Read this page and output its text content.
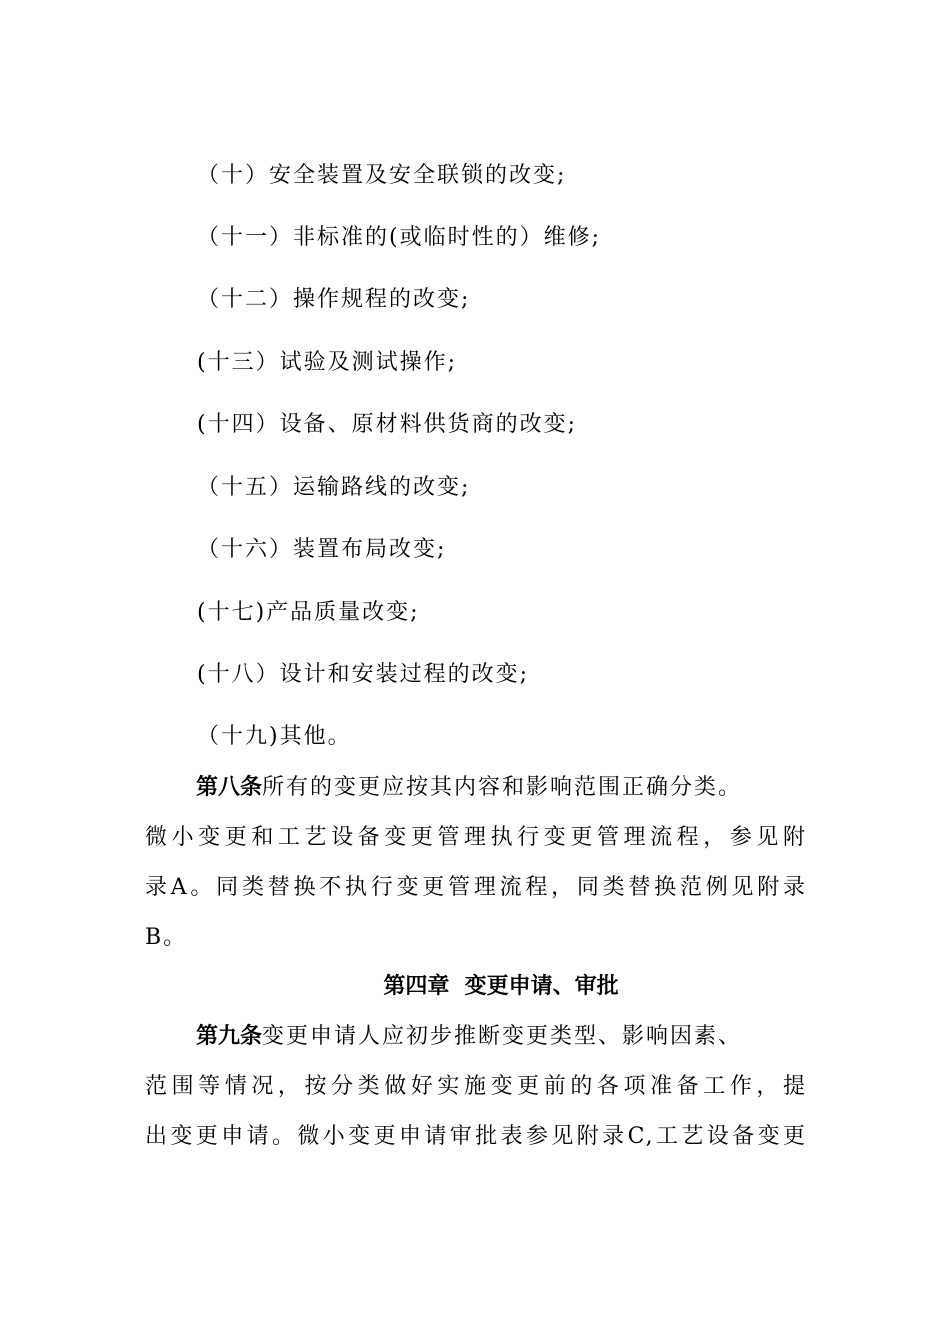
（十）安全装置及安全联锁的改变;
（十一）非标准的(或临时性的）维修;
（十二）操作规程的改变;
(十三）试验及测试操作;
(十四）设备、原材料供货商的改变;
（十五）运输路线的改变;
（十六）装置布局改变;
(十七)产品质量改变;
(十八）设计和安装过程的改变;
（十九)其他。
第八条所有的变更应按其内容和影响范围正确分类。
微小变更和工艺设备变更管理执行变更管理流程，参见附
录A。同类替换不执行变更管理流程，同类替换范例见附录
B。
第四章  变更申请、审批
第九条变更申请人应初步推断变更类型、影响因素、
范围等情况，按分类做好实施变更前的各项准备工作，提
出变更申请。微小变更申请审批表参见附录C,工艺设备变更
